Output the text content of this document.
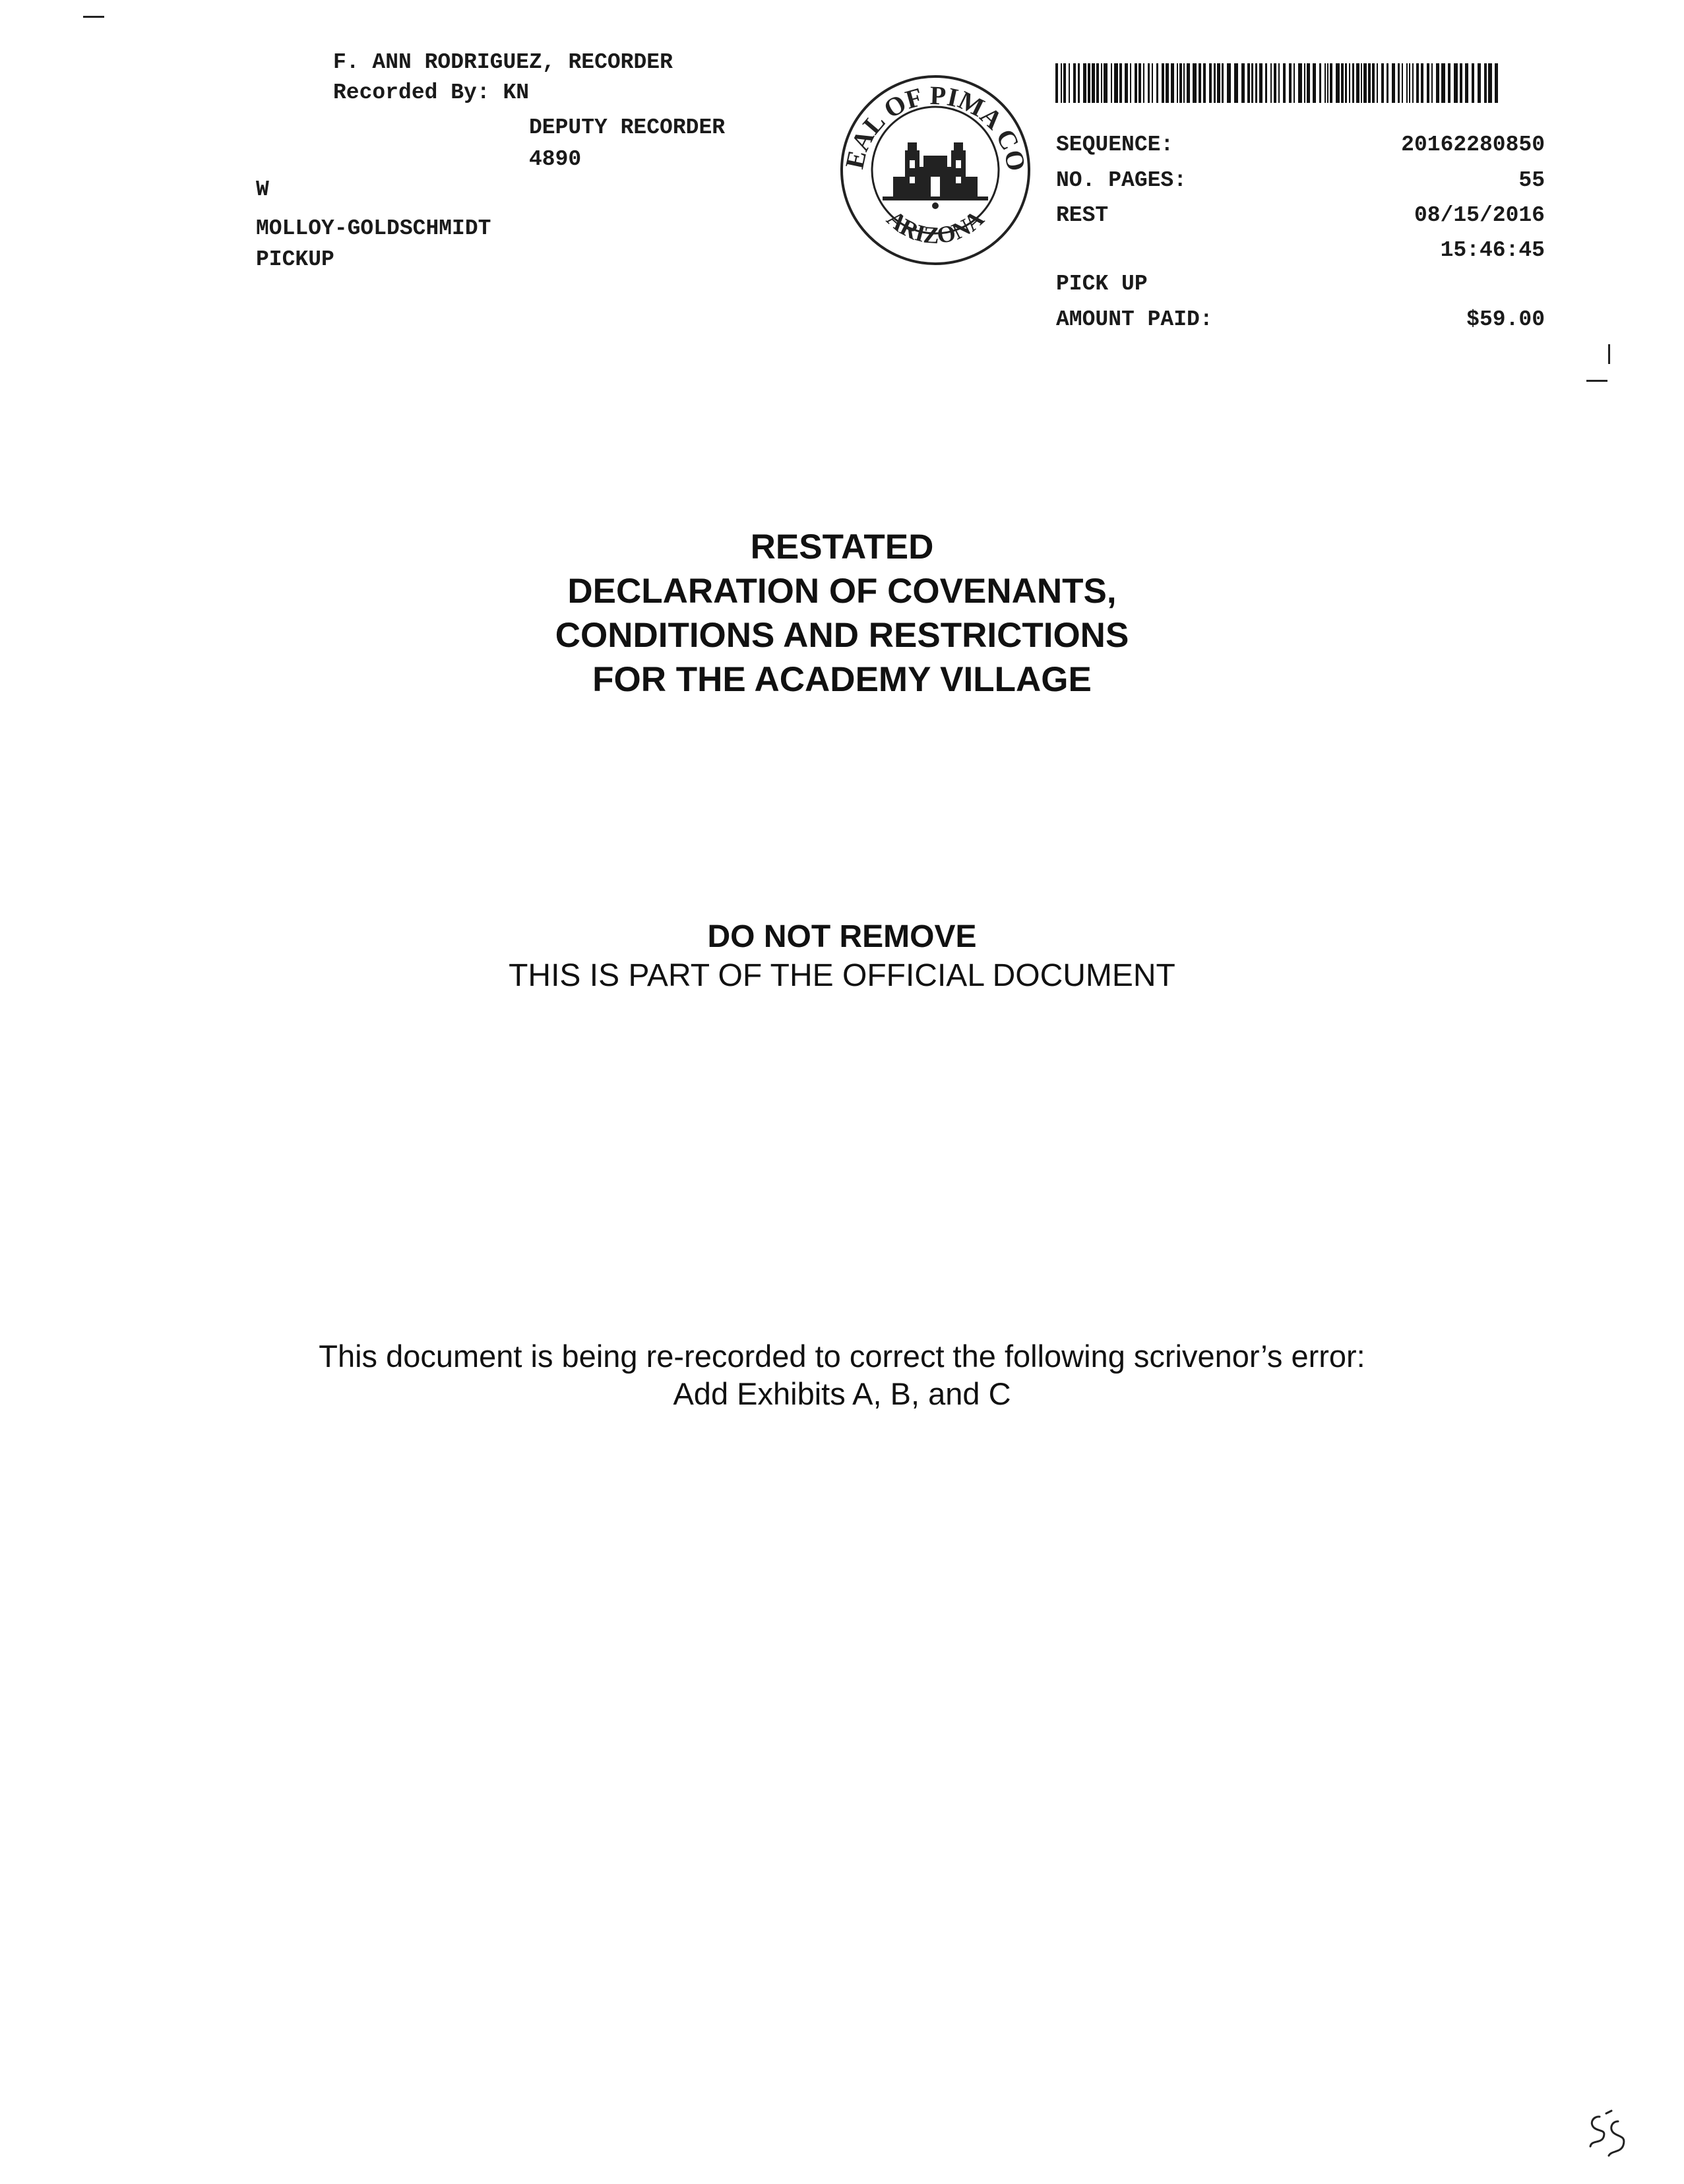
F. ANN RODRIGUEZ, RECORDER
Recorded By: KN
DEPUTY RECORDER
4890
W
MOLLOY-GOLDSCHMIDT
PICKUP
EAL OF PIMA CO
ARIZONA
SEQUENCE:	20162280850
NO. PAGES:	55
REST	08/15/2016
15:46:45
PICK UP
AMOUNT PAID:	$59.00
RESTATED
DECLARATION OF COVENANTS,
CONDITIONS AND RESTRICTIONS
FOR THE ACADEMY VILLAGE
DO NOT REMOVE
THIS IS PART OF THE OFFICIAL DOCUMENT
This document is being re-recorded to correct the following scrivenor’s error:
Add Exhibits A, B, and C
